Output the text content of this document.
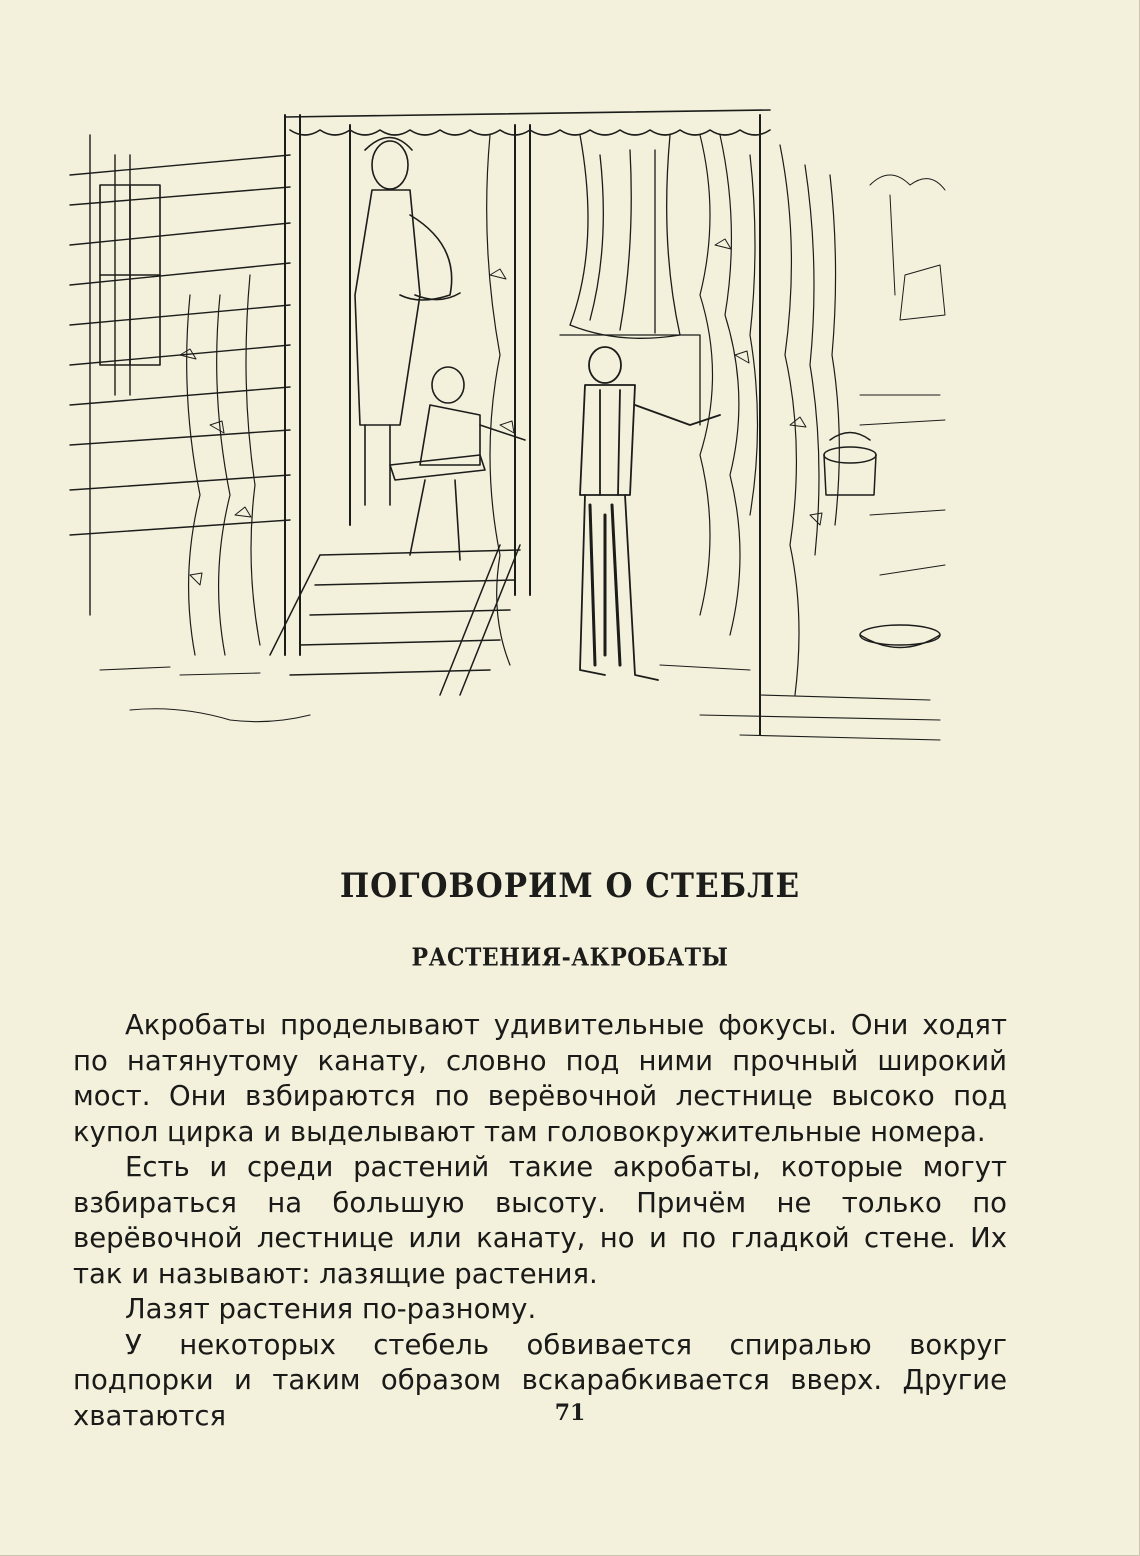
ПОГОВОРИМ О СТЕБЛЕ
РАСТЕНИЯ-АКРОБАТЫ

Акробаты проделывают удивительные фокусы. Они ходят по натянутому канату, словно под ними прочный широкий мост. Они взбираются по верёвочной лестнице высоко под купол цирка и выделывают там головокружительные номера.

Есть и среди растений такие акробаты, которые могут взбираться на большую высоту. Причём не только по верёвочной лестнице или канату, но и по гладкой стене. Их так и называют: лазящие растения.

Лазят растения по-разному.

У некоторых стебель обвивается спиралью вокруг подпорки и таким образом вскарабкивается вверх. Другие хватаются	71
